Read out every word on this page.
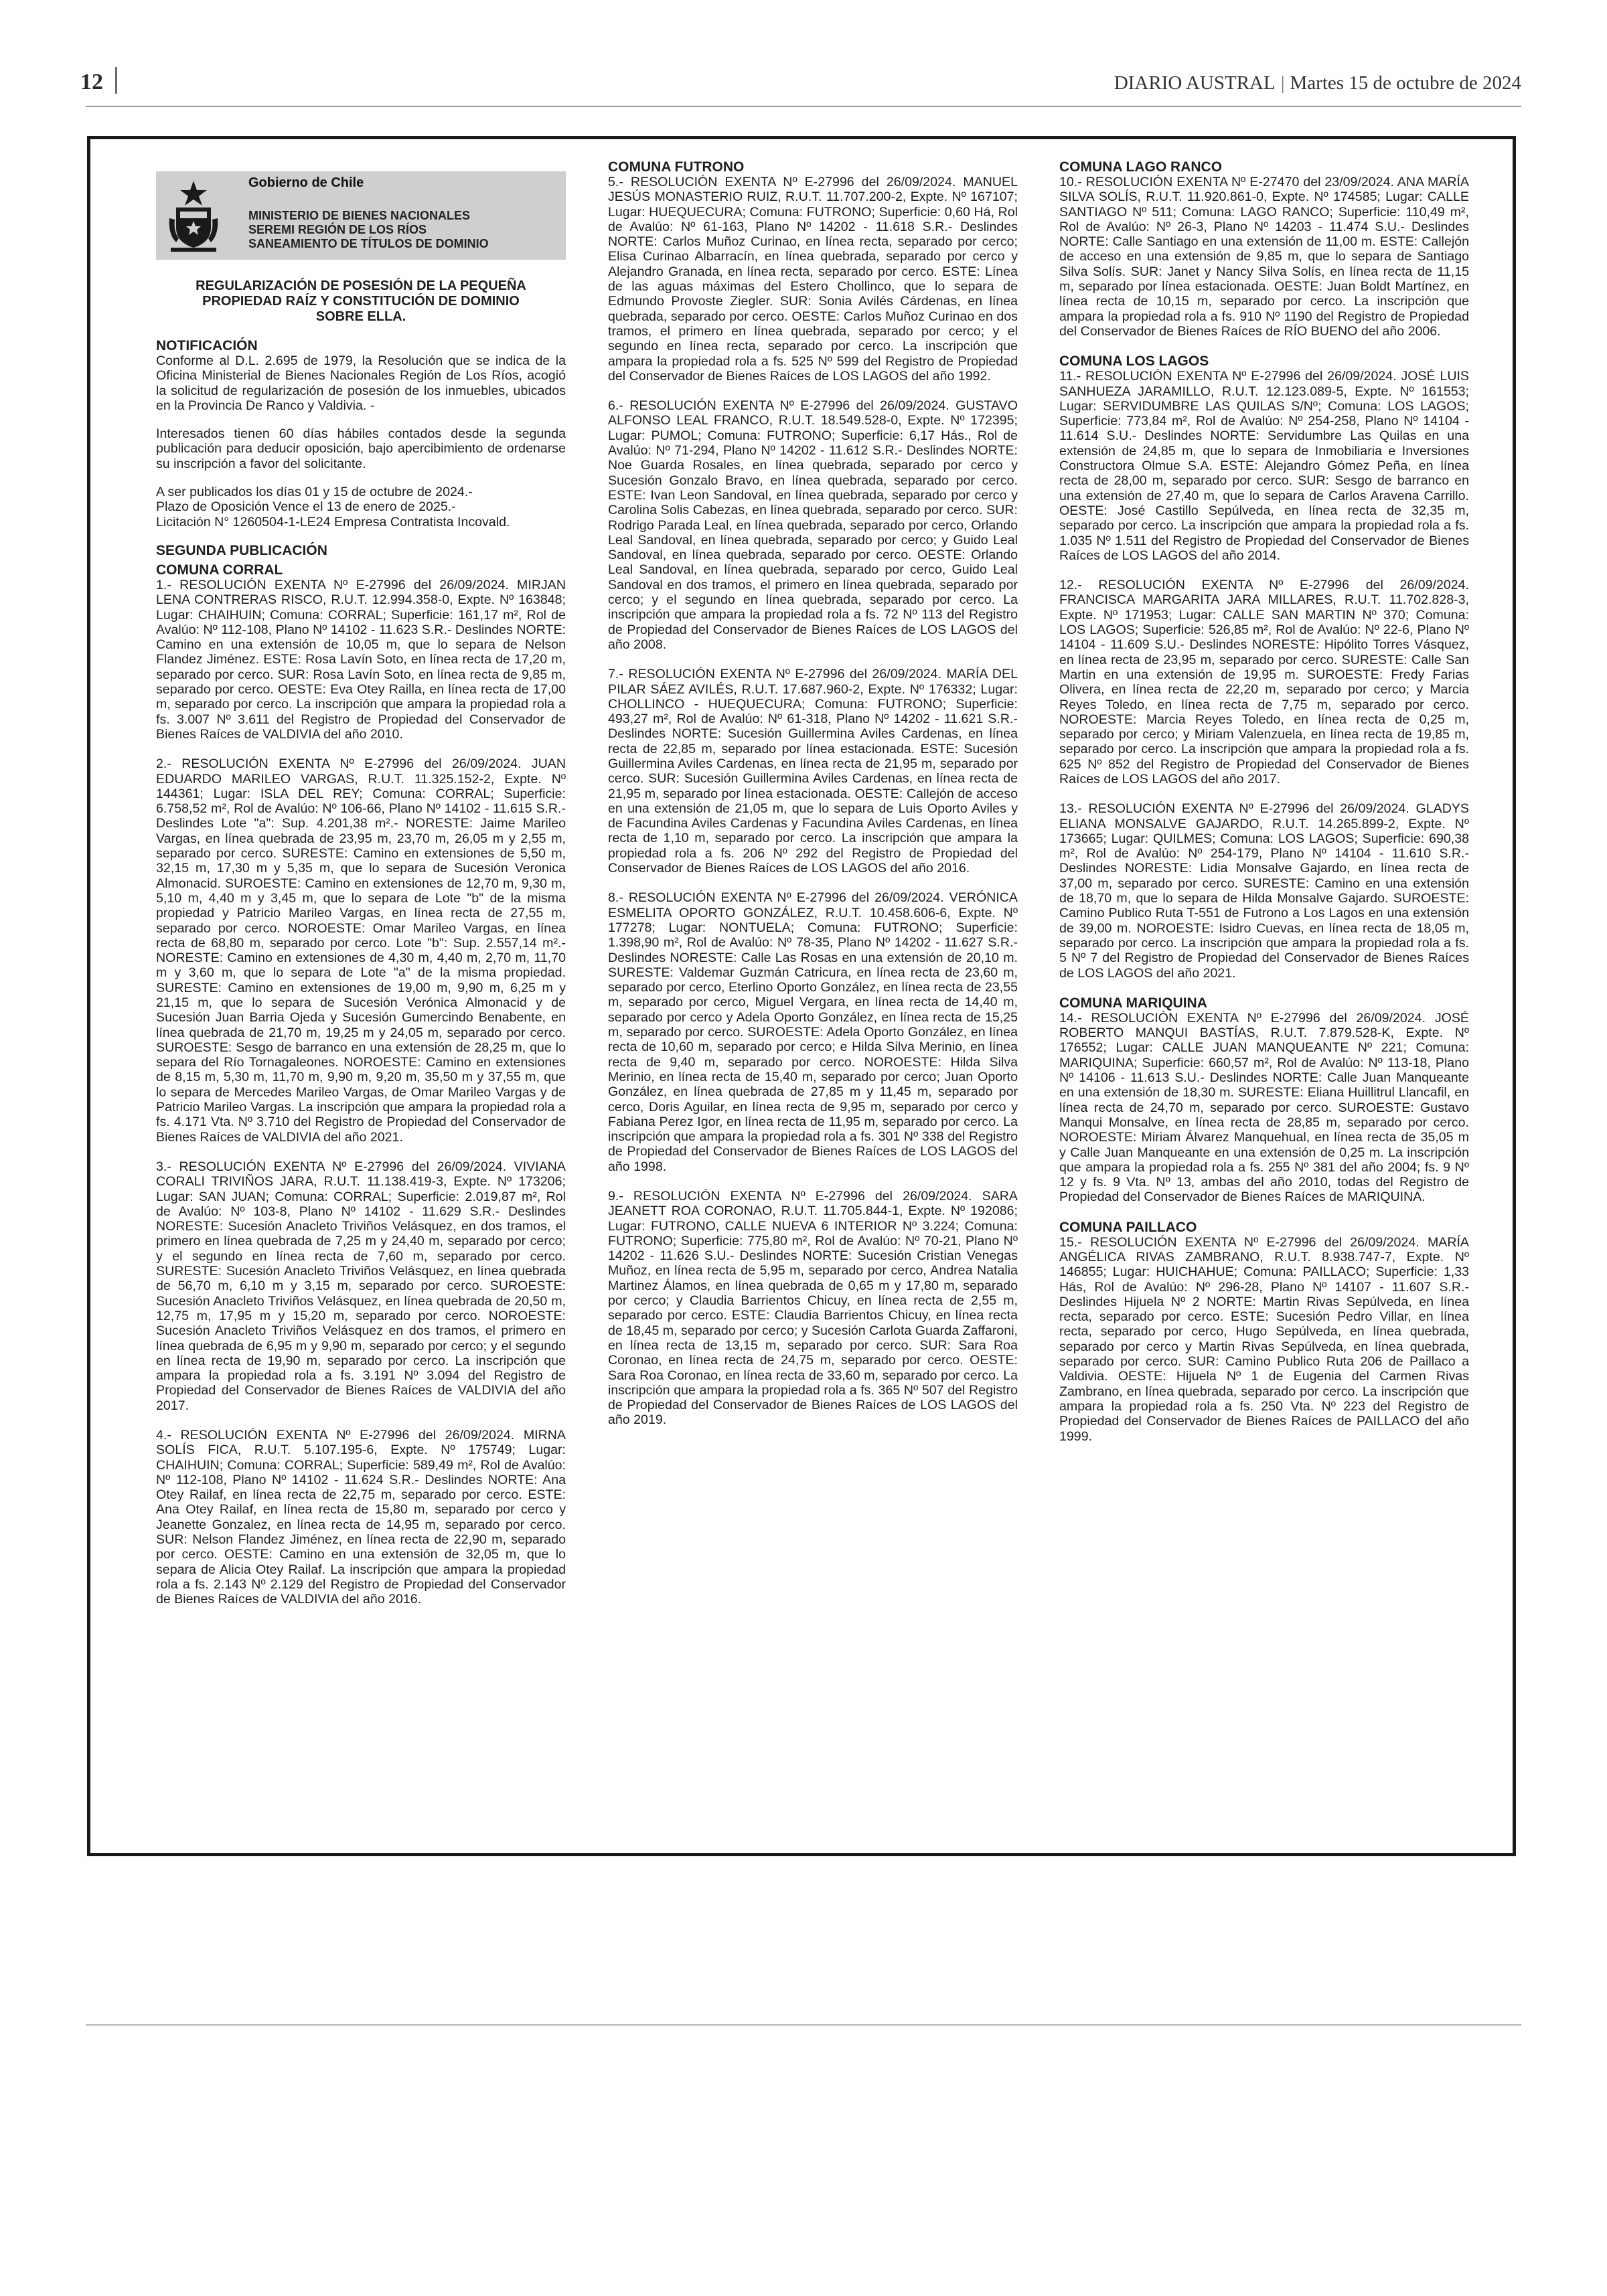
12	DIARIO AUSTRAL | Martes 15 de octubre de 2024
Gobierno de Chile
MINISTERIO DE BIENES NACIONALES
SEREMI REGIÓN DE LOS RÍOS
SANEAMIENTO DE TÍTULOS DE DOMINIO
REGULARIZACIÓN DE POSESIÓN DE LA PEQUEÑA PROPIEDAD RAÍZ Y CONSTITUCIÓN DE DOMINIO SOBRE ELLA.
NOTIFICACIÓN
Conforme al D.L. 2.695 de 1979, la Resolución que se indica de la Oficina Ministerial de Bienes Nacionales Región de Los Ríos, acogió la solicitud de regularización de posesión de los inmuebles, ubicados en la Provincia De Ranco y Valdivia. -
Interesados tienen 60 días hábiles contados desde la segunda publicación para deducir oposición, bajo apercibimiento de ordenarse su inscripción a favor del solicitante.
A ser publicados los días 01 y 15 de octubre de 2024.-
Plazo de Oposición Vence el 13 de enero de 2025.-
Licitación N° 1260504-1-LE24 Empresa Contratista Incovald.
SEGUNDA PUBLICACIÓN
COMUNA CORRAL
1.- RESOLUCIÓN EXENTA Nº E-27996 del 26/09/2024. MIRJAN LENA CONTRERAS RISCO, R.U.T. 12.994.358-0, Expte. Nº 163848; Lugar: CHAIHUIN; Comuna: CORRAL; Superficie: 161,17 m², Rol de Avalúo: Nº 112-108, Plano Nº 14102 - 11.623 S.R.- Deslindes NORTE: Camino en una extensión de 10,05 m, que lo separa de Nelson Flandez Jiménez. ESTE: Rosa Lavín Soto, en línea recta de 17,20 m, separado por cerco. SUR: Rosa Lavín Soto, en línea recta de 9,85 m, separado por cerco. OESTE: Eva Otey Railla, en línea recta de 17,00 m, separado por cerco. La inscripción que ampara la propiedad rola a fs. 3.007 Nº 3.611 del Registro de Propiedad del Conservador de Bienes Raíces de VALDIVIA del año 2010.
2.- RESOLUCIÓN EXENTA Nº E-27996 del 26/09/2024. JUAN EDUARDO MARILEO VARGAS, R.U.T. 11.325.152-2, Expte. Nº 144361; Lugar: ISLA DEL REY; Comuna: CORRAL; Superficie: 6.758,52 m², Rol de Avalúo: Nº 106-66, Plano Nº 14102 - 11.615 S.R.- Deslindes Lote "a": Sup. 4.201,38 m².- NORESTE: Jaime Marileo Vargas, en línea quebrada de 23,95 m, 23,70 m, 26,05 m y 2,55 m, separado por cerco. SURESTE: Camino en extensiones de 5,50 m, 32,15 m, 17,30 m y 5,35 m, que lo separa de Sucesión Veronica Almonacid. SUROESTE: Camino en extensiones de 12,70 m, 9,30 m, 5,10 m, 4,40 m y 3,45 m, que lo separa de Lote "b" de la misma propiedad y Patricio Marileo Vargas, en línea recta de 27,55 m, separado por cerco. NOROESTE: Omar Marileo Vargas, en línea recta de 68,80 m, separado por cerco. Lote "b": Sup. 2.557,14 m².- NORESTE: Camino en extensiones de 4,30 m, 4,40 m, 2,70 m, 11,70 m y 3,60 m, que lo separa de Lote "a" de la misma propiedad. SURESTE: Camino en extensiones de 19,00 m, 9,90 m, 6,25 m y 21,15 m, que lo separa de Sucesión Verónica Almonacid y de Sucesión Juan Barria Ojeda y Sucesión Gumercindo Benabente, en línea quebrada de 21,70 m, 19,25 m y 24,05 m, separado por cerco. SUROESTE: Sesgo de barranco en una extensión de 28,25 m, que lo separa del Río Tornagaleones. NOROESTE: Camino en extensiones de 8,15 m, 5,30 m, 11,70 m, 9,90 m, 9,20 m, 35,50 m y 37,55 m, que lo separa de Mercedes Marileo Vargas, de Omar Marileo Vargas y de Patricio Marileo Vargas. La inscripción que ampara la propiedad rola a fs. 4.171 Vta. Nº 3.710 del Registro de Propiedad del Conservador de Bienes Raíces de VALDIVIA del año 2021.
3.- RESOLUCIÓN EXENTA Nº E-27996 del 26/09/2024. VIVIANA CORALI TRIVIÑOS JARA, R.U.T. 11.138.419-3, Expte. Nº 173206; Lugar: SAN JUAN; Comuna: CORRAL; Superficie: 2.019,87 m², Rol de Avalúo: Nº 103-8, Plano Nº 14102 - 11.629 S.R.- Deslindes NORESTE: Sucesión Anacleto Triviños Velásquez, en dos tramos, el primero en línea quebrada de 7,25 m y 24,40 m, separado por cerco; y el segundo en línea recta de 7,60 m, separado por cerco. SURESTE: Sucesión Anacleto Triviños Velásquez, en línea quebrada de 56,70 m, 6,10 m y 3,15 m, separado por cerco. SUROESTE: Sucesión Anacleto Triviños Velásquez, en línea quebrada de 20,50 m, 12,75 m, 17,95 m y 15,20 m, separado por cerco. NOROESTE: Sucesión Anacleto Triviños Velásquez en dos tramos, el primero en línea quebrada de 6,95 m y 9,90 m, separado por cerco; y el segundo en línea recta de 19,90 m, separado por cerco. La inscripción que ampara la propiedad rola a fs. 3.191 Nº 3.094 del Registro de Propiedad del Conservador de Bienes Raíces de VALDIVIA del año 2017.
4.- RESOLUCIÓN EXENTA Nº E-27996 del 26/09/2024. MIRNA SOLÍS FICA, R.U.T. 5.107.195-6, Expte. Nº 175749; Lugar: CHAIHUIN; Comuna: CORRAL; Superficie: 589,49 m², Rol de Avalúo: Nº 112-108, Plano Nº 14102 - 11.624 S.R.- Deslindes NORTE: Ana Otey Railaf, en línea recta de 22,75 m, separado por cerco. ESTE: Ana Otey Railaf, en línea recta de 15,80 m, separado por cerco y Jeanette Gonzalez, en línea recta de 14,95 m, separado por cerco. SUR: Nelson Flandez Jiménez, en línea recta de 22,90 m, separado por cerco. OESTE: Camino en una extensión de 32,05 m, que lo separa de Alicia Otey Railaf. La inscripción que ampara la propiedad rola a fs. 2.143 Nº 2.129 del Registro de Propiedad del Conservador de Bienes Raíces de VALDIVIA del año 2016.
COMUNA FUTRONO
5.- RESOLUCIÓN EXENTA Nº E-27996 del 26/09/2024. MANUEL JESÚS MONASTERIO RUIZ, R.U.T. 11.707.200-2, Expte. Nº 167107; Lugar: HUEQUECURA; Comuna: FUTRONO; Superficie: 0,60 Há, Rol de Avalúo: Nº 61-163, Plano Nº 14202 - 11.618 S.R.- Deslindes NORTE: Carlos Muñoz Curinao, en línea recta, separado por cerco; Elisa Curinao Albarracín, en línea quebrada, separado por cerco y Alejandro Granada, en línea recta, separado por cerco. ESTE: Línea de las aguas máximas del Estero Chollinco, que lo separa de Edmundo Provoste Ziegler. SUR: Sonia Avilés Cárdenas, en línea quebrada, separado por cerco. OESTE: Carlos Muñoz Curinao en dos tramos, el primero en línea quebrada, separado por cerco; y el segundo en línea recta, separado por cerco. La inscripción que ampara la propiedad rola a fs. 525 Nº 599 del Registro de Propiedad del Conservador de Bienes Raíces de LOS LAGOS del año 1992.
6.- RESOLUCIÓN EXENTA Nº E-27996 del 26/09/2024. GUSTAVO ALFONSO LEAL FRANCO, R.U.T. 18.549.528-0, Expte. Nº 172395; Lugar: PUMOL; Comuna: FUTRONO; Superficie: 6,17 Hás., Rol de Avalúo: Nº 71-294, Plano Nº 14202 - 11.612 S.R.- Deslindes NORTE: Noe Guarda Rosales, en línea quebrada, separado por cerco y Sucesión Gonzalo Bravo, en línea quebrada, separado por cerco. ESTE: Ivan Leon Sandoval, en línea quebrada, separado por cerco y Carolina Solis Cabezas, en línea quebrada, separado por cerco. SUR: Rodrigo Parada Leal, en línea quebrada, separado por cerco, Orlando Leal Sandoval, en línea quebrada, separado por cerco; y Guido Leal Sandoval, en línea quebrada, separado por cerco. OESTE: Orlando Leal Sandoval, en línea quebrada, separado por cerco, Guido Leal Sandoval en dos tramos, el primero en línea quebrada, separado por cerco; y el segundo en línea quebrada, separado por cerco. La inscripción que ampara la propiedad rola a fs. 72 Nº 113 del Registro de Propiedad del Conservador de Bienes Raíces de LOS LAGOS del año 2008.
7.- RESOLUCIÓN EXENTA Nº E-27996 del 26/09/2024. MARÍA DEL PILAR SÁEZ AVILÉS, R.U.T. 17.687.960-2, Expte. Nº 176332; Lugar: CHOLLINCO - HUEQUECURA; Comuna: FUTRONO; Superficie: 493,27 m², Rol de Avalúo: Nº 61-318, Plano Nº 14202 - 11.621 S.R.- Deslindes NORTE: Sucesión Guillermina Aviles Cardenas, en línea recta de 22,85 m, separado por línea estacionada. ESTE: Sucesión Guillermina Aviles Cardenas, en línea recta de 21,95 m, separado por cerco. SUR: Sucesión Guillermina Aviles Cardenas, en línea recta de 21,95 m, separado por línea estacionada. OESTE: Callejón de acceso en una extensión de 21,05 m, que lo separa de Luis Oporto Aviles y de Facundina Aviles Cardenas y Facundina Aviles Cardenas, en línea recta de 1,10 m, separado por cerco. La inscripción que ampara la propiedad rola a fs. 206 Nº 292 del Registro de Propiedad del Conservador de Bienes Raíces de LOS LAGOS del año 2016.
8.- RESOLUCIÓN EXENTA Nº E-27996 del 26/09/2024. VERÓNICA ESMELITA OPORTO GONZÁLEZ, R.U.T. 10.458.606-6, Expte. Nº 177278; Lugar: NONTUELA; Comuna: FUTRONO; Superficie: 1.398,90 m², Rol de Avalúo: Nº 78-35, Plano Nº 14202 - 11.627 S.R.- Deslindes NORESTE: Calle Las Rosas en una extensión de 20,10 m. SURESTE: Valdemar Guzmán Catricura, en línea recta de 23,60 m, separado por cerco, Eterlino Oporto González, en línea recta de 23,55 m, separado por cerco, Miguel Vergara, en línea recta de 14,40 m, separado por cerco y Adela Oporto González, en línea recta de 15,25 m, separado por cerco. SUROESTE: Adela Oporto González, en línea recta de 10,60 m, separado por cerco; e Hilda Silva Merinio, en línea recta de 9,40 m, separado por cerco. NOROESTE: Hilda Silva Merinio, en línea recta de 15,40 m, separado por cerco; Juan Oporto González, en línea quebrada de 27,85 m y 11,45 m, separado por cerco, Doris Aguilar, en línea recta de 9,95 m, separado por cerco y Fabiana Perez Igor, en línea recta de 11,95 m, separado por cerco. La inscripción que ampara la propiedad rola a fs. 301 Nº 338 del Registro de Propiedad del Conservador de Bienes Raíces de LOS LAGOS del año 1998.
9.- RESOLUCIÓN EXENTA Nº E-27996 del 26/09/2024. SARA JEANETT ROA CORONAO, R.U.T. 11.705.844-1, Expte. Nº 192086; Lugar: FUTRONO, CALLE NUEVA 6 INTERIOR Nº 3.224; Comuna: FUTRONO; Superficie: 775,80 m², Rol de Avalúo: Nº 70-21, Plano Nº 14202 - 11.626 S.U.- Deslindes NORTE: Sucesión Cristian Venegas Muñoz, en línea recta de 5,95 m, separado por cerco, Andrea Natalia Martinez Álamos, en línea quebrada de 0,65 m y 17,80 m, separado por cerco; y Claudia Barrientos Chicuy, en línea recta de 2,55 m, separado por cerco. ESTE: Claudia Barrientos Chicuy, en línea recta de 18,45 m, separado por cerco; y Sucesión Carlota Guarda Zaffaroni, en línea recta de 13,15 m, separado por cerco. SUR: Sara Roa Coronao, en línea recta de 24,75 m, separado por cerco. OESTE: Sara Roa Coronao, en línea recta de 33,60 m, separado por cerco. La inscripción que ampara la propiedad rola a fs. 365 Nº 507 del Registro de Propiedad del Conservador de Bienes Raíces de LOS LAGOS del año 2019.
COMUNA LAGO RANCO
10.- RESOLUCIÓN EXENTA Nº E-27470 del 23/09/2024. ANA MARÍA SILVA SOLÍS, R.U.T. 11.920.861-0, Expte. Nº 174585; Lugar: CALLE SANTIAGO Nº 511; Comuna: LAGO RANCO; Superficie: 110,49 m², Rol de Avalúo: Nº 26-3, Plano Nº 14203 - 11.474 S.U.- Deslindes NORTE: Calle Santiago en una extensión de 11,00 m. ESTE: Callejón de acceso en una extensión de 9,85 m, que lo separa de Santiago Silva Solís. SUR: Janet y Nancy Silva Solís, en línea recta de 11,15 m, separado por línea estacionada. OESTE: Juan Boldt Martínez, en línea recta de 10,15 m, separado por cerco. La inscripción que ampara la propiedad rola a fs. 910 Nº 1190 del Registro de Propiedad del Conservador de Bienes Raíces de RÍO BUENO del año 2006.
COMUNA LOS LAGOS
11.- RESOLUCIÓN EXENTA Nº E-27996 del 26/09/2024. JOSÉ LUIS SANHUEZA JARAMILLO, R.U.T. 12.123.089-5, Expte. Nº 161553; Lugar: SERVIDUMBRE LAS QUILAS S/Nº; Comuna: LOS LAGOS; Superficie: 773,84 m², Rol de Avalúo: Nº 254-258, Plano Nº 14104 - 11.614 S.U.- Deslindes NORTE: Servidumbre Las Quilas en una extensión de 24,85 m, que lo separa de Inmobiliaria e Inversiones Constructora Olmue S.A. ESTE: Alejandro Gómez Peña, en línea recta de 28,00 m, separado por cerco. SUR: Sesgo de barranco en una extensión de 27,40 m, que lo separa de Carlos Aravena Carrillo. OESTE: José Castillo Sepúlveda, en línea recta de 32,35 m, separado por cerco. La inscripción que ampara la propiedad rola a fs. 1.035 Nº 1.511 del Registro de Propiedad del Conservador de Bienes Raíces de LOS LAGOS del año 2014.
12.- RESOLUCIÓN EXENTA Nº E-27996 del 26/09/2024. FRANCISCA MARGARITA JARA MILLARES, R.U.T. 11.702.828-3, Expte. Nº 171953; Lugar: CALLE SAN MARTIN Nº 370; Comuna: LOS LAGOS; Superficie: 526,85 m², Rol de Avalúo: Nº 22-6, Plano Nº 14104 - 11.609 S.U.- Deslindes NORESTE: Hipólito Torres Vásquez, en línea recta de 23,95 m, separado por cerco. SURESTE: Calle San Martin en una extensión de 19,95 m. SUROESTE: Fredy Farias Olivera, en línea recta de 22,20 m, separado por cerco; y Marcia Reyes Toledo, en línea recta de 7,75 m, separado por cerco. NOROESTE: Marcia Reyes Toledo, en línea recta de 0,25 m, separado por cerco; y Miriam Valenzuela, en línea recta de 19,85 m, separado por cerco. La inscripción que ampara la propiedad rola a fs. 625 Nº 852 del Registro de Propiedad del Conservador de Bienes Raíces de LOS LAGOS del año 2017.
13.- RESOLUCIÓN EXENTA Nº E-27996 del 26/09/2024. GLADYS ELIANA MONSALVE GAJARDO, R.U.T. 14.265.899-2, Expte. Nº 173665; Lugar: QUILMES; Comuna: LOS LAGOS; Superficie: 690,38 m², Rol de Avalúo: Nº 254-179, Plano Nº 14104 - 11.610 S.R.- Deslindes NORESTE: Lidia Monsalve Gajardo, en línea recta de 37,00 m, separado por cerco. SURESTE: Camino en una extensión de 18,70 m, que lo separa de Hilda Monsalve Gajardo. SUROESTE: Camino Publico Ruta T-551 de Futrono a Los Lagos en una extensión de 39,00 m. NOROESTE: Isidro Cuevas, en línea recta de 18,05 m, separado por cerco. La inscripción que ampara la propiedad rola a fs. 5 Nº 7 del Registro de Propiedad del Conservador de Bienes Raíces de LOS LAGOS del año 2021.
COMUNA MARIQUINA
14.- RESOLUCIÓN EXENTA Nº E-27996 del 26/09/2024. JOSÉ ROBERTO MANQUI BASTÍAS, R.U.T. 7.879.528-K, Expte. Nº 176552; Lugar: CALLE JUAN MANQUEANTE Nº 221; Comuna: MARIQUINA; Superficie: 660,57 m², Rol de Avalúo: Nº 113-18, Plano Nº 14106 - 11.613 S.U.- Deslindes NORTE: Calle Juan Manqueante en una extensión de 18,30 m. SURESTE: Eliana Huillitrul Llancafil, en línea recta de 24,70 m, separado por cerco. SUROESTE: Gustavo Manqui Monsalve, en línea recta de 28,85 m, separado por cerco. NOROESTE: Miriam Álvarez Manquehual, en línea recta de 35,05 m y Calle Juan Manqueante en una extensión de 0,25 m. La inscripción que ampara la propiedad rola a fs. 255 Nº 381 del año 2004; fs. 9 Nº 12 y fs. 9 Vta. Nº 13, ambas del año 2010, todas del Registro de Propiedad del Conservador de Bienes Raíces de MARIQUINA.
COMUNA PAILLACO
15.- RESOLUCIÓN EXENTA Nº E-27996 del 26/09/2024. MARÍA ANGÉLICA RIVAS ZAMBRANO, R.U.T. 8.938.747-7, Expte. Nº 146855; Lugar: HUICHAHUE; Comuna: PAILLACO; Superficie: 1,33 Hás, Rol de Avalúo: Nº 296-28, Plano Nº 14107 - 11.607 S.R.- Deslindes Hijuela Nº 2 NORTE: Martin Rivas Sepúlveda, en línea recta, separado por cerco. ESTE: Sucesión Pedro Villar, en línea recta, separado por cerco, Hugo Sepúlveda, en línea quebrada, separado por cerco y Martin Rivas Sepúlveda, en línea quebrada, separado por cerco. SUR: Camino Publico Ruta 206 de Paillaco a Valdivia. OESTE: Hijuela Nº 1 de Eugenia del Carmen Rivas Zambrano, en línea quebrada, separado por cerco. La inscripción que ampara la propiedad rola a fs. 250 Vta. Nº 223 del Registro de Propiedad del Conservador de Bienes Raíces de PAILLACO del año 1999.
